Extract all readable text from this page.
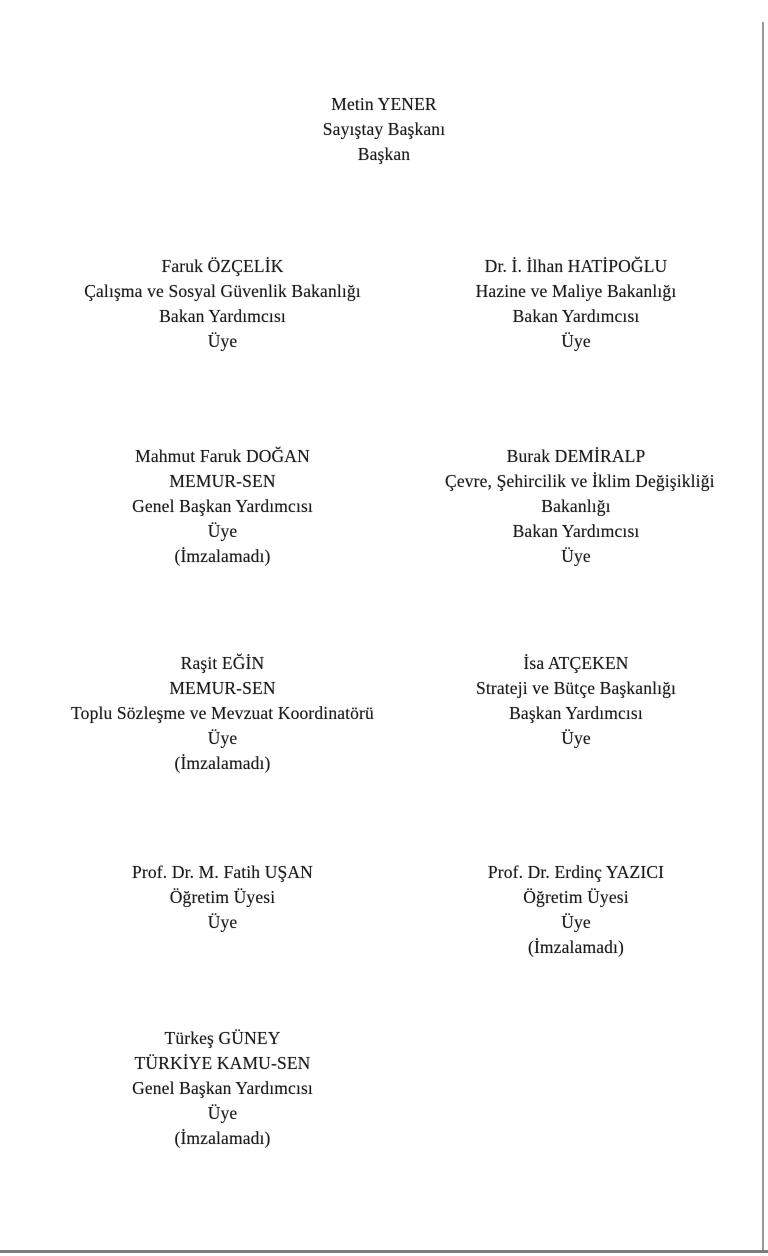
Metin YENER
Sayıştay Başkanı
Başkan
Faruk ÖZÇELİK
Çalışma ve Sosyal Güvenlik Bakanlığı
Bakan Yardımcısı
Üye
Dr. İ. İlhan HATİPOĞLU
Hazine ve Maliye Bakanlığı
Bakan Yardımcısı
Üye
Mahmut Faruk DOĞAN
MEMUR-SEN
Genel Başkan Yardımcısı
Üye
(İmzalamadı)
Burak DEMİRALP
Çevre, Şehircilik ve İklim Değişikliği
Bakanlığı
Bakan Yardımcısı
Üye
Raşit EĞİN
MEMUR-SEN
Toplu Sözleşme ve Mevzuat Koordinatörü
Üye
(İmzalamadı)
İsa ATÇEKEN
Strateji ve Bütçe Başkanlığı
Başkan Yardımcısı
Üye
Prof. Dr. M. Fatih UŞAN
Öğretim Üyesi
Üye
Prof. Dr. Erdinç YAZICI
Öğretim Üyesi
Üye
(İmzalamadı)
Türkeş GÜNEY
TÜRKİYE KAMU-SEN
Genel Başkan Yardımcısı
Üye
(İmzalamadı)
